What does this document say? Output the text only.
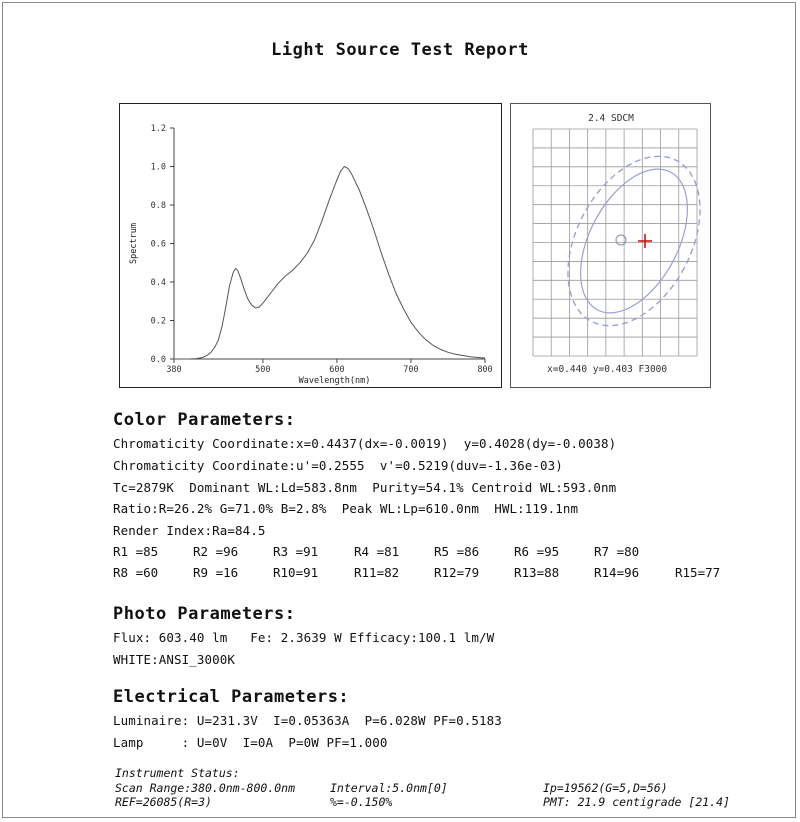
Light Source Test Report
0.0
0.2
0.4
0.6
0.8
1.0
1.2
380	500	600	700	800
Wavelength(nm)
Spectrum
2.4 SDCM
x=0.440 y=0.403 F3000
Color Parameters:
Chromaticity Coordinate:x=0.4437(dx=-0.0019)  y=0.4028(dy=-0.0038)
Chromaticity Coordinate:u'=0.2555  v'=0.5219(duv=-1.36e-03)
Tc=2879K  Dominant WL:Ld=583.8nm  Purity=54.1% Centroid WL:593.0nm
Ratio:R=26.2% G=71.0% B=2.8%  Peak WL:Lp=610.0nm  HWL:119.1nm
Render Index:Ra=84.5
R1 =85	R2 =96	R3 =91	R4 =81	R5 =86	R6 =95	R7 =80
R8 =60	R9 =16	R10=91	R11=82	R12=79	R13=88	R14=96	R15=77
Photo Parameters:
Flux: 603.40 lm   Fe: 2.3639 W Efficacy:100.1 lm/W
WHITE:ANSI_3000K
Electrical Parameters:
Luminaire: U=231.3V  I=0.05363A  P=6.028W PF=0.5183
Lamp     : U=0V  I=0A  P=0W PF=1.000
Instrument Status:
Scan Range:380.0nm-800.0nm	Interval:5.0nm[0]	Ip=19562(G=5,D=56)
REF=26085(R=3)	%=-0.150%	PMT: 21.9 centigrade [21.4]
